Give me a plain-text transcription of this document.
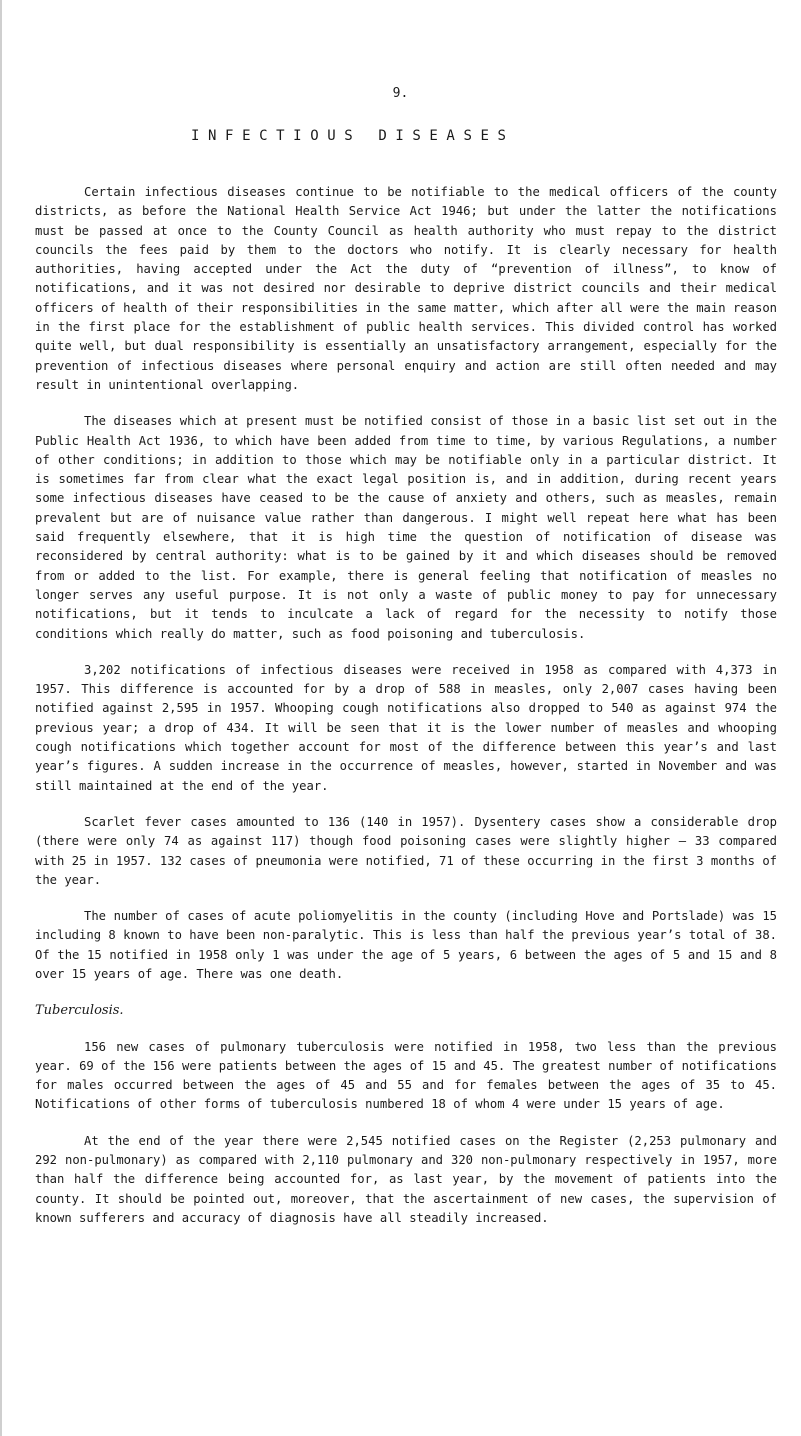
9.
INFECTIOUS DISEASES

Certain infectious diseases continue to be notifiable to the medical officers of the county districts, as before the National Health Service Act 1946; but under the latter the notifications must be passed at once to the County Council as health authority who must repay to the district councils the fees paid by them to the doctors who notify. It is clearly necessary for health authorities, having accepted under the Act the duty of “prevention of illness”, to know of notifications, and it was not desired nor desirable to deprive district councils and their medical officers of health of their responsibilities in the same matter, which after all were the main reason in the first place for the establishment of public health services. This divided control has worked quite well, but dual responsibility is essentially an unsatisfactory arrangement, especially for the prevention of infectious diseases where personal enquiry and action are still often needed and may result in unintentional overlapping.

The diseases which at present must be notified consist of those in a basic list set out in the Public Health Act 1936, to which have been added from time to time, by various Regulations, a number of other conditions; in addition to those which may be notifiable only in a particular district. It is sometimes far from clear what the exact legal position is, and in addition, during recent years some infectious diseases have ceased to be the cause of anxiety and others, such as measles, remain prevalent but are of nuisance value rather than dangerous. I might well repeat here what has been said frequently elsewhere, that it is high time the question of notification of disease was reconsidered by central authority: what is to be gained by it and which diseases should be removed from or added to the list. For example, there is general feeling that notification of measles no longer serves any useful purpose. It is not only a waste of public money to pay for unnecessary notifications, but it tends to inculcate a lack of regard for the necessity to notify those conditions which really do matter, such as food poisoning and tuberculosis.

3,202 notifications of infectious diseases were received in 1958 as compared with 4,373 in 1957. This difference is accounted for by a drop of 588 in measles, only 2,007 cases having been notified against 2,595 in 1957. Whooping cough notifications also dropped to 540 as against 974 the previous year; a drop of 434. It will be seen that it is the lower number of measles and whooping cough notifications which together account for most of the difference between this year’s and last year’s figures. A sudden increase in the occurrence of measles, however, started in November and was still maintained at the end of the year.

Scarlet fever cases amounted to 136 (140 in 1957). Dysentery cases show a considerable drop (there were only 74 as against 117) though food poisoning cases were slightly higher – 33 compared with 25 in 1957. 132 cases of pneumonia were notified, 71 of these occurring in the first 3 months of the year.

The number of cases of acute poliomyelitis in the county (including Hove and Portslade) was 15 including 8 known to have been non-paralytic. This is less than half the previous year’s total of 38. Of the 15 notified in 1958 only 1 was under the age of 5 years, 6 between the ages of 5 and 15 and 8 over 15 years of age. There was one death.

Tuberculosis.

156 new cases of pulmonary tuberculosis were notified in 1958, two less than the previous year. 69 of the 156 were patients between the ages of 15 and 45. The greatest number of notifications for males occurred between the ages of 45 and 55 and for females between the ages of 35 to 45. Notifications of other forms of tuberculosis numbered 18 of whom 4 were under 15 years of age.

At the end of the year there were 2,545 notified cases on the Register (2,253 pulmonary and 292 non-pulmonary) as compared with 2,110 pulmonary and 320 non-pulmonary respectively in 1957, more than half the difference being accounted for, as last year, by the movement of patients into the county. It should be pointed out, moreover, that the ascertainment of new cases, the supervision of known sufferers and accuracy of diagnosis have all steadily increased.
